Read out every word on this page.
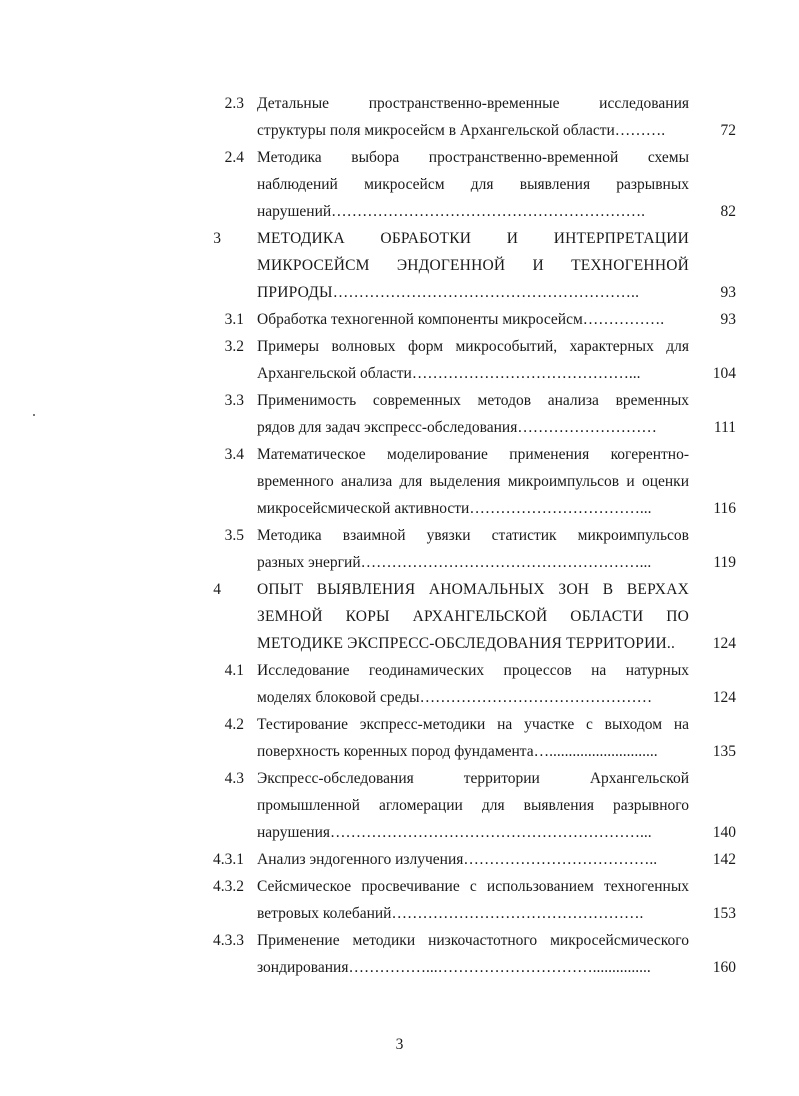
2.3 Детальные пространственно-временные исследования
структуры поля микросейсм в Архангельской области……….	72
2.4 Методика выбора пространственно-временной схемы
наблюдений микросейсм для выявления разрывных
нарушений…………………………………………………….	82
3 МЕТОДИКА ОБРАБОТКИ И ИНТЕРПРЕТАЦИИ
МИКРОСЕЙСМ ЭНДОГЕННОЙ И ТЕХНОГЕННОЙ
ПРИРОДЫ…………………………………………………..	93
3.1 Обработка техногенной компоненты микросейсм…………….	93
3.2 Примеры волновых форм микрособытий, характерных для
Архангельской области……………………………………...	104
3.3 Применимость современных методов анализа временных
рядов для задач экспресс-обследования………………………	111
3.4 Математическое моделирование применения когерентно-
временного анализа для выделения микроимпульсов и оценки
микросейсмической активности……………………………...	116
3.5 Методика взаимной увязки статистик микроимпульсов
разных энергий………………………………………………...	119
4 ОПЫТ ВЫЯВЛЕНИЯ АНОМАЛЬНЫХ ЗОН В ВЕРХАХ
ЗЕМНОЙ КОРЫ АРХАНГЕЛЬСКОЙ ОБЛАСТИ ПО
МЕТОДИКЕ ЭКСПРЕСС-ОБСЛЕДОВАНИЯ ТЕРРИТОРИИ..	124
4.1 Исследование геодинамических процессов на натурных
моделях блоковой среды………………………………………	124
4.2 Тестирование экспресс-методики на участке с выходом на
поверхность коренных пород фундамента…............................	135
4.3 Экспресс-обследования территории Архангельской
промышленной агломерации для выявления разрывного
нарушения……………………………………………………...	140
4.3.1 Анализ эндогенного излучения………………………………..	142
4.3.2 Сейсмическое просвечивание с использованием техногенных
ветровых колебаний………………………………………….	153
4.3.3 Применение методики низкочастотного микросейсмического
зондирования……………...…………………………...............	160
3
